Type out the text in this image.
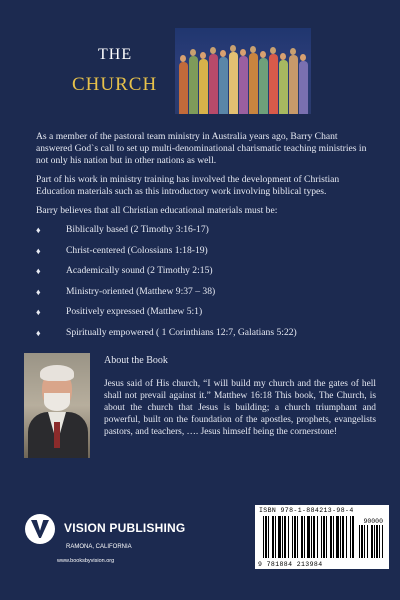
THE
CHURCH

As a member of the pastoral team ministry in Australia years ago, Barry Chant answered God`s call to set up multi-denominational charismatic teaching ministries in not only his nation but in other nations as well.

Part of his work in ministry training has involved the development of Christian Education materials such as this introductory work involving biblical types.

Barry believes that all Christian educational materials must be:

♦	Biblically based (2 Timothy 3:16-17)
♦	Christ-centered (Colossians 1:18-19)
♦	Academically sound (2 Timothy 2:15)
♦	Ministry-oriented (Matthew 9:37 – 38)
♦	Positively expressed (Matthew 5:1)
♦	Spiritually empowered ( 1 Corinthians 12:7, Galatians 5:22)
About the Book
Jesus said of His church, “I will build my church and the gates of hell shall not prevail against it.” Matthew 16:18 This book, The Church, is about the church that Jesus is building; a church triumphant and powerful, built on the foundation of the apostles, prophets, evangelists pastors, and teachers, …. Jesus himself being the cornerstone!
VISION PUBLISHING
RAMONA, CALIFORNIA
www.booksbyvision.org
ISBN 978-1-884213-98-4
90000
9 781884 213984
